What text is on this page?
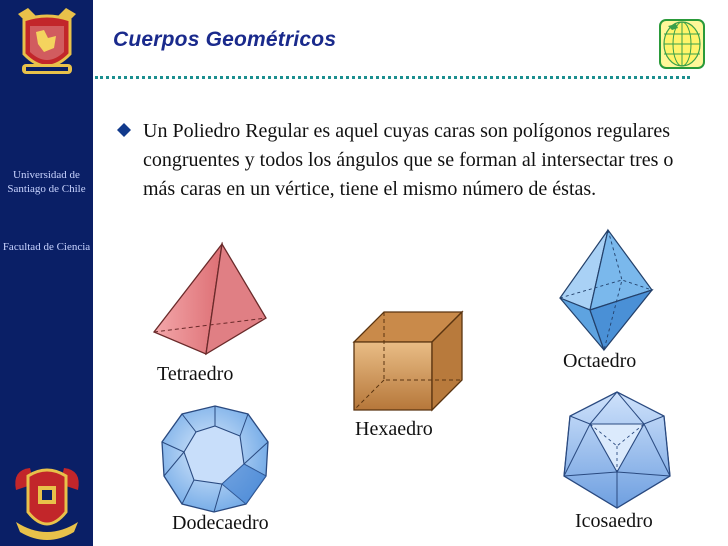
Universidad de Santiago de Chile
Facultad de Ciencia
Cuerpos Geométricos
Un Poliedro Regular es aquel cuyas caras son polígonos regulares congruentes y todos los ángulos que se forman al intersectar tres o más caras en un vértice, tiene el mismo número de éstas.
Tetraedro
Hexaedro
Octaedro
Dodecaedro	Icosaedro
